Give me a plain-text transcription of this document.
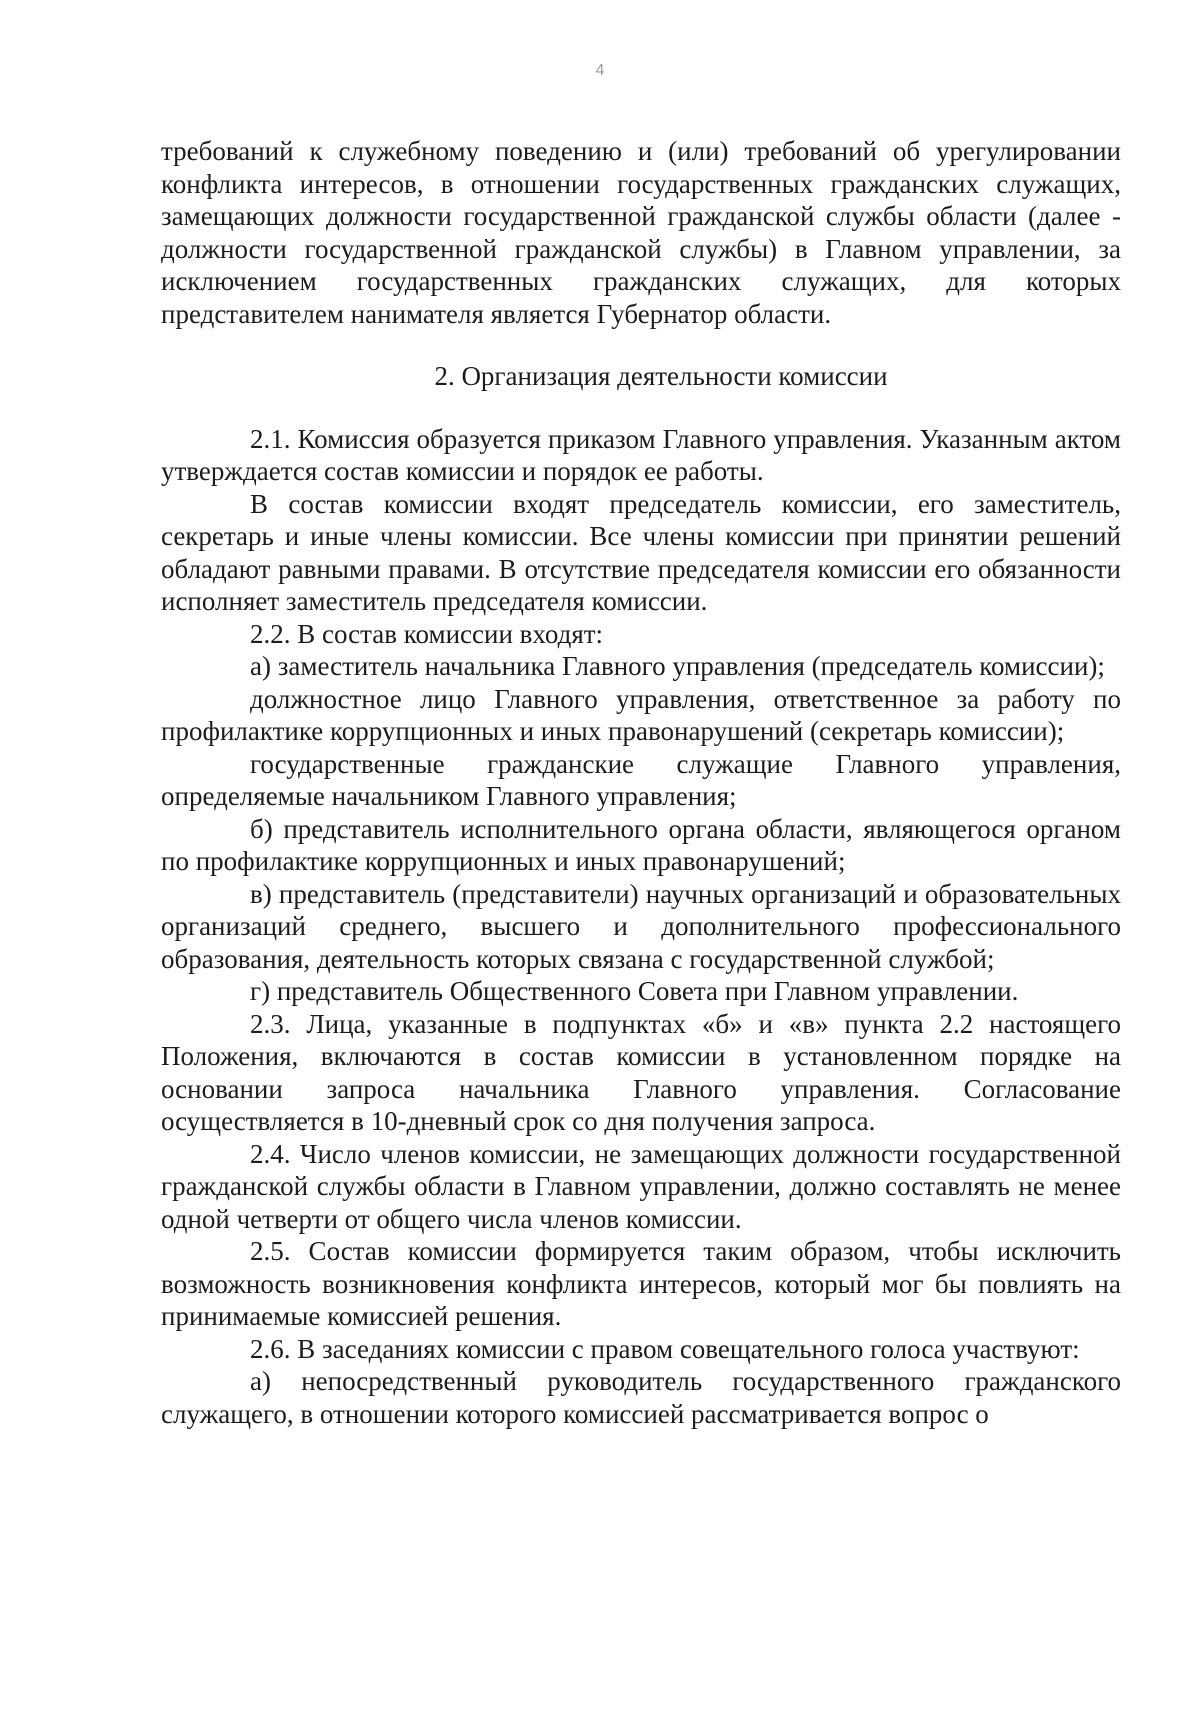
4

требований к служебному поведению и (или) требований об урегулировании конфликта интересов, в отношении государственных гражданских служащих, замещающих должности государственной гражданской службы области (далее - должности государственной гражданской службы) в Главном управлении, за исключением государственных гражданских служащих, для которых представителем нанимателя является Губернатор области.

2. Организация деятельности комиссии

2.1. Комиссия образуется приказом Главного управления. Указанным актом утверждается состав комиссии и порядок ее работы.

В состав комиссии входят председатель комиссии, его заместитель, секретарь и иные члены комиссии. Все члены комиссии при принятии решений обладают равными правами. В отсутствие председателя комиссии его обязанности исполняет заместитель председателя комиссии.

2.2. В состав комиссии входят:

а) заместитель начальника Главного управления (председатель комиссии);

должностное лицо Главного управления, ответственное за работу по профилактике коррупционных и иных правонарушений (секретарь комиссии);

государственные гражданские служащие Главного управления, определяемые начальником Главного управления;

б) представитель исполнительного органа области, являющегося органом по профилактике коррупционных и иных правонарушений;

в) представитель (представители) научных организаций и образовательных организаций среднего, высшего и дополнительного профессионального образования, деятельность которых связана с государственной службой;

г) представитель Общественного Совета при Главном управлении.

2.3. Лица, указанные в подпунктах «б» и «в» пункта 2.2 настоящего Положения, включаются в состав комиссии в установленном порядке на основании запроса начальника Главного управления. Согласование осуществляется в 10-дневный срок со дня получения запроса.

2.4. Число членов комиссии, не замещающих должности государственной гражданской службы области в Главном управлении, должно составлять не менее одной четверти от общего числа членов комиссии.

2.5. Состав комиссии формируется таким образом, чтобы исключить возможность возникновения конфликта интересов, который мог бы повлиять на принимаемые комиссией решения.

2.6. В заседаниях комиссии с правом совещательного голоса участвуют:

а) непосредственный руководитель государственного гражданского служащего, в отношении которого комиссией рассматривается вопрос о
